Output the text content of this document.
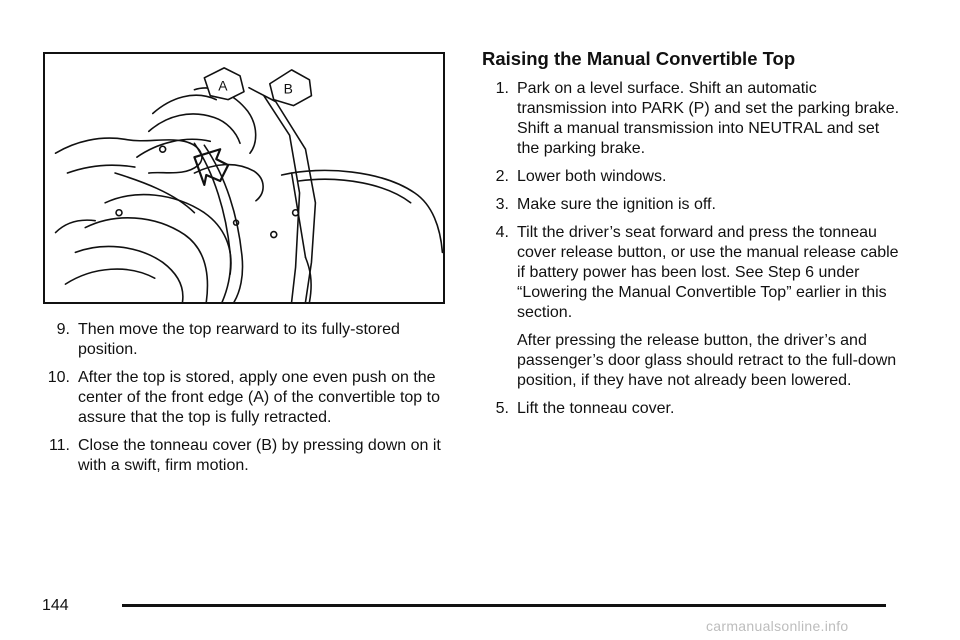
A	B
9. Then move the top rearward to its fully-stored position.
10. After the top is stored, apply one even push on the center of the front edge (A) of the convertible top to assure that the top is fully retracted.
11. Close the tonneau cover (B) by pressing down on it with a swift, firm motion.
Raising the Manual Convertible Top
1. Park on a level surface. Shift an automatic transmission into PARK (P) and set the parking brake. Shift a manual transmission into NEUTRAL and set the parking brake.
2. Lower both windows.
3. Make sure the ignition is off.
4. Tilt the driver’s seat forward and press the tonneau cover release button, or use the manual release cable if battery power has been lost. See Step 6 under “Lowering the Manual Convertible Top” earlier in this section.
After pressing the release button, the driver’s and passenger’s door glass should retract to the full-down position, if they have not already been lowered.
5. Lift the tonneau cover.
144
carmanualsonline.info
